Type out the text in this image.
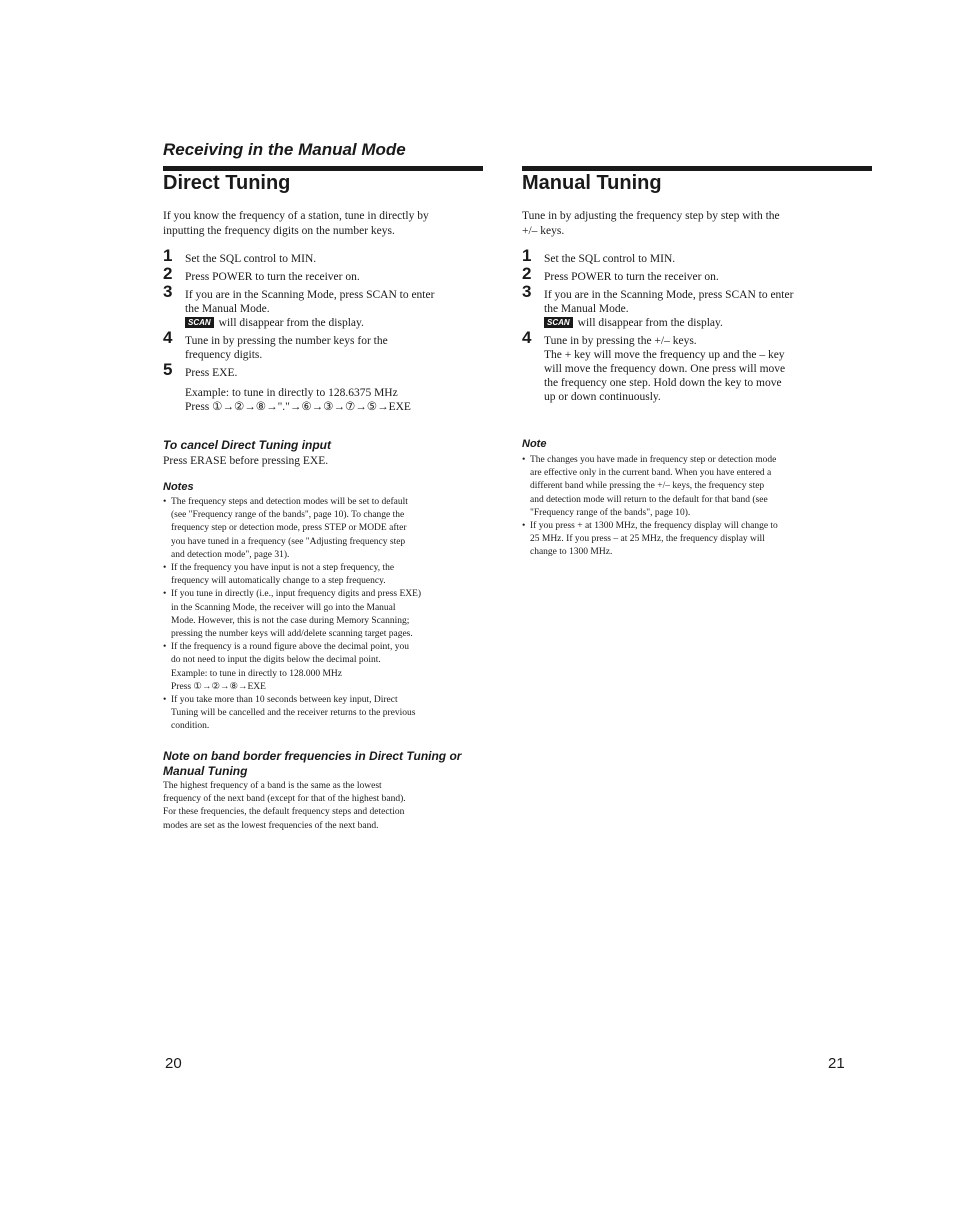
Receiving in the Manual Mode
Direct Tuning
If you know the frequency of a station, tune in directly by
inputting the frequency digits on the number keys.
1 Set the SQL control to MIN.
2 Press POWER to turn the receiver on.
3 If you are in the Scanning Mode, press SCAN to enter
the Manual Mode.
SCAN will disappear from the display.
4 Tune in by pressing the number keys for the
frequency digits.
5 Press EXE.
Example: to tune in directly to 128.6375 MHz
Press ①→②→⑧→"."→⑥→③→⑦→⑤→EXE
To cancel Direct Tuning input
Press ERASE before pressing EXE.
Notes
• The frequency steps and detection modes will be set to default
(see "Frequency range of the bands", page 10). To change the
frequency step or detection mode, press STEP or MODE after
you have tuned in a frequency (see "Adjusting frequency step
and detection mode", page 31).
• If the frequency you have input is not a step frequency, the
frequency will automatically change to a step frequency.
• If you tune in directly (i.e., input frequency digits and press EXE)
in the Scanning Mode, the receiver will go into the Manual
Mode. However, this is not the case during Memory Scanning;
pressing the number keys will add/delete scanning target pages.
• If the frequency is a round figure above the decimal point, you
do not need to input the digits below the decimal point.
Example: to tune in directly to 128.000 MHz
Press ①→②→⑧→EXE
• If you take more than 10 seconds between key input, Direct
Tuning will be cancelled and the receiver returns to the previous
condition.
Note on band border frequencies in Direct Tuning or
Manual Tuning
The highest frequency of a band is the same as the lowest
frequency of the next band (except for that of the highest band).
For these frequencies, the default frequency steps and detection
modes are set as the lowest frequencies of the next band.
20
Manual Tuning
Tune in by adjusting the frequency step by step with the
+/– keys.
1 Set the SQL control to MIN.
2 Press POWER to turn the receiver on.
3 If you are in the Scanning Mode, press SCAN to enter
the Manual Mode.
SCAN will disappear from the display.
4 Tune in by pressing the +/– keys.
The + key will move the frequency up and the – key
will move the frequency down. One press will move
the frequency one step. Hold down the key to move
up or down continuously.
Note
• The changes you have made in frequency step or detection mode
are effective only in the current band. When you have entered a
different band while pressing the +/– keys, the frequency step
and detection mode will return to the default for that band (see
"Frequency range of the bands", page 10).
• If you press + at 1300 MHz, the frequency display will change to
25 MHz. If you press – at 25 MHz, the frequency display will
change to 1300 MHz.
21
